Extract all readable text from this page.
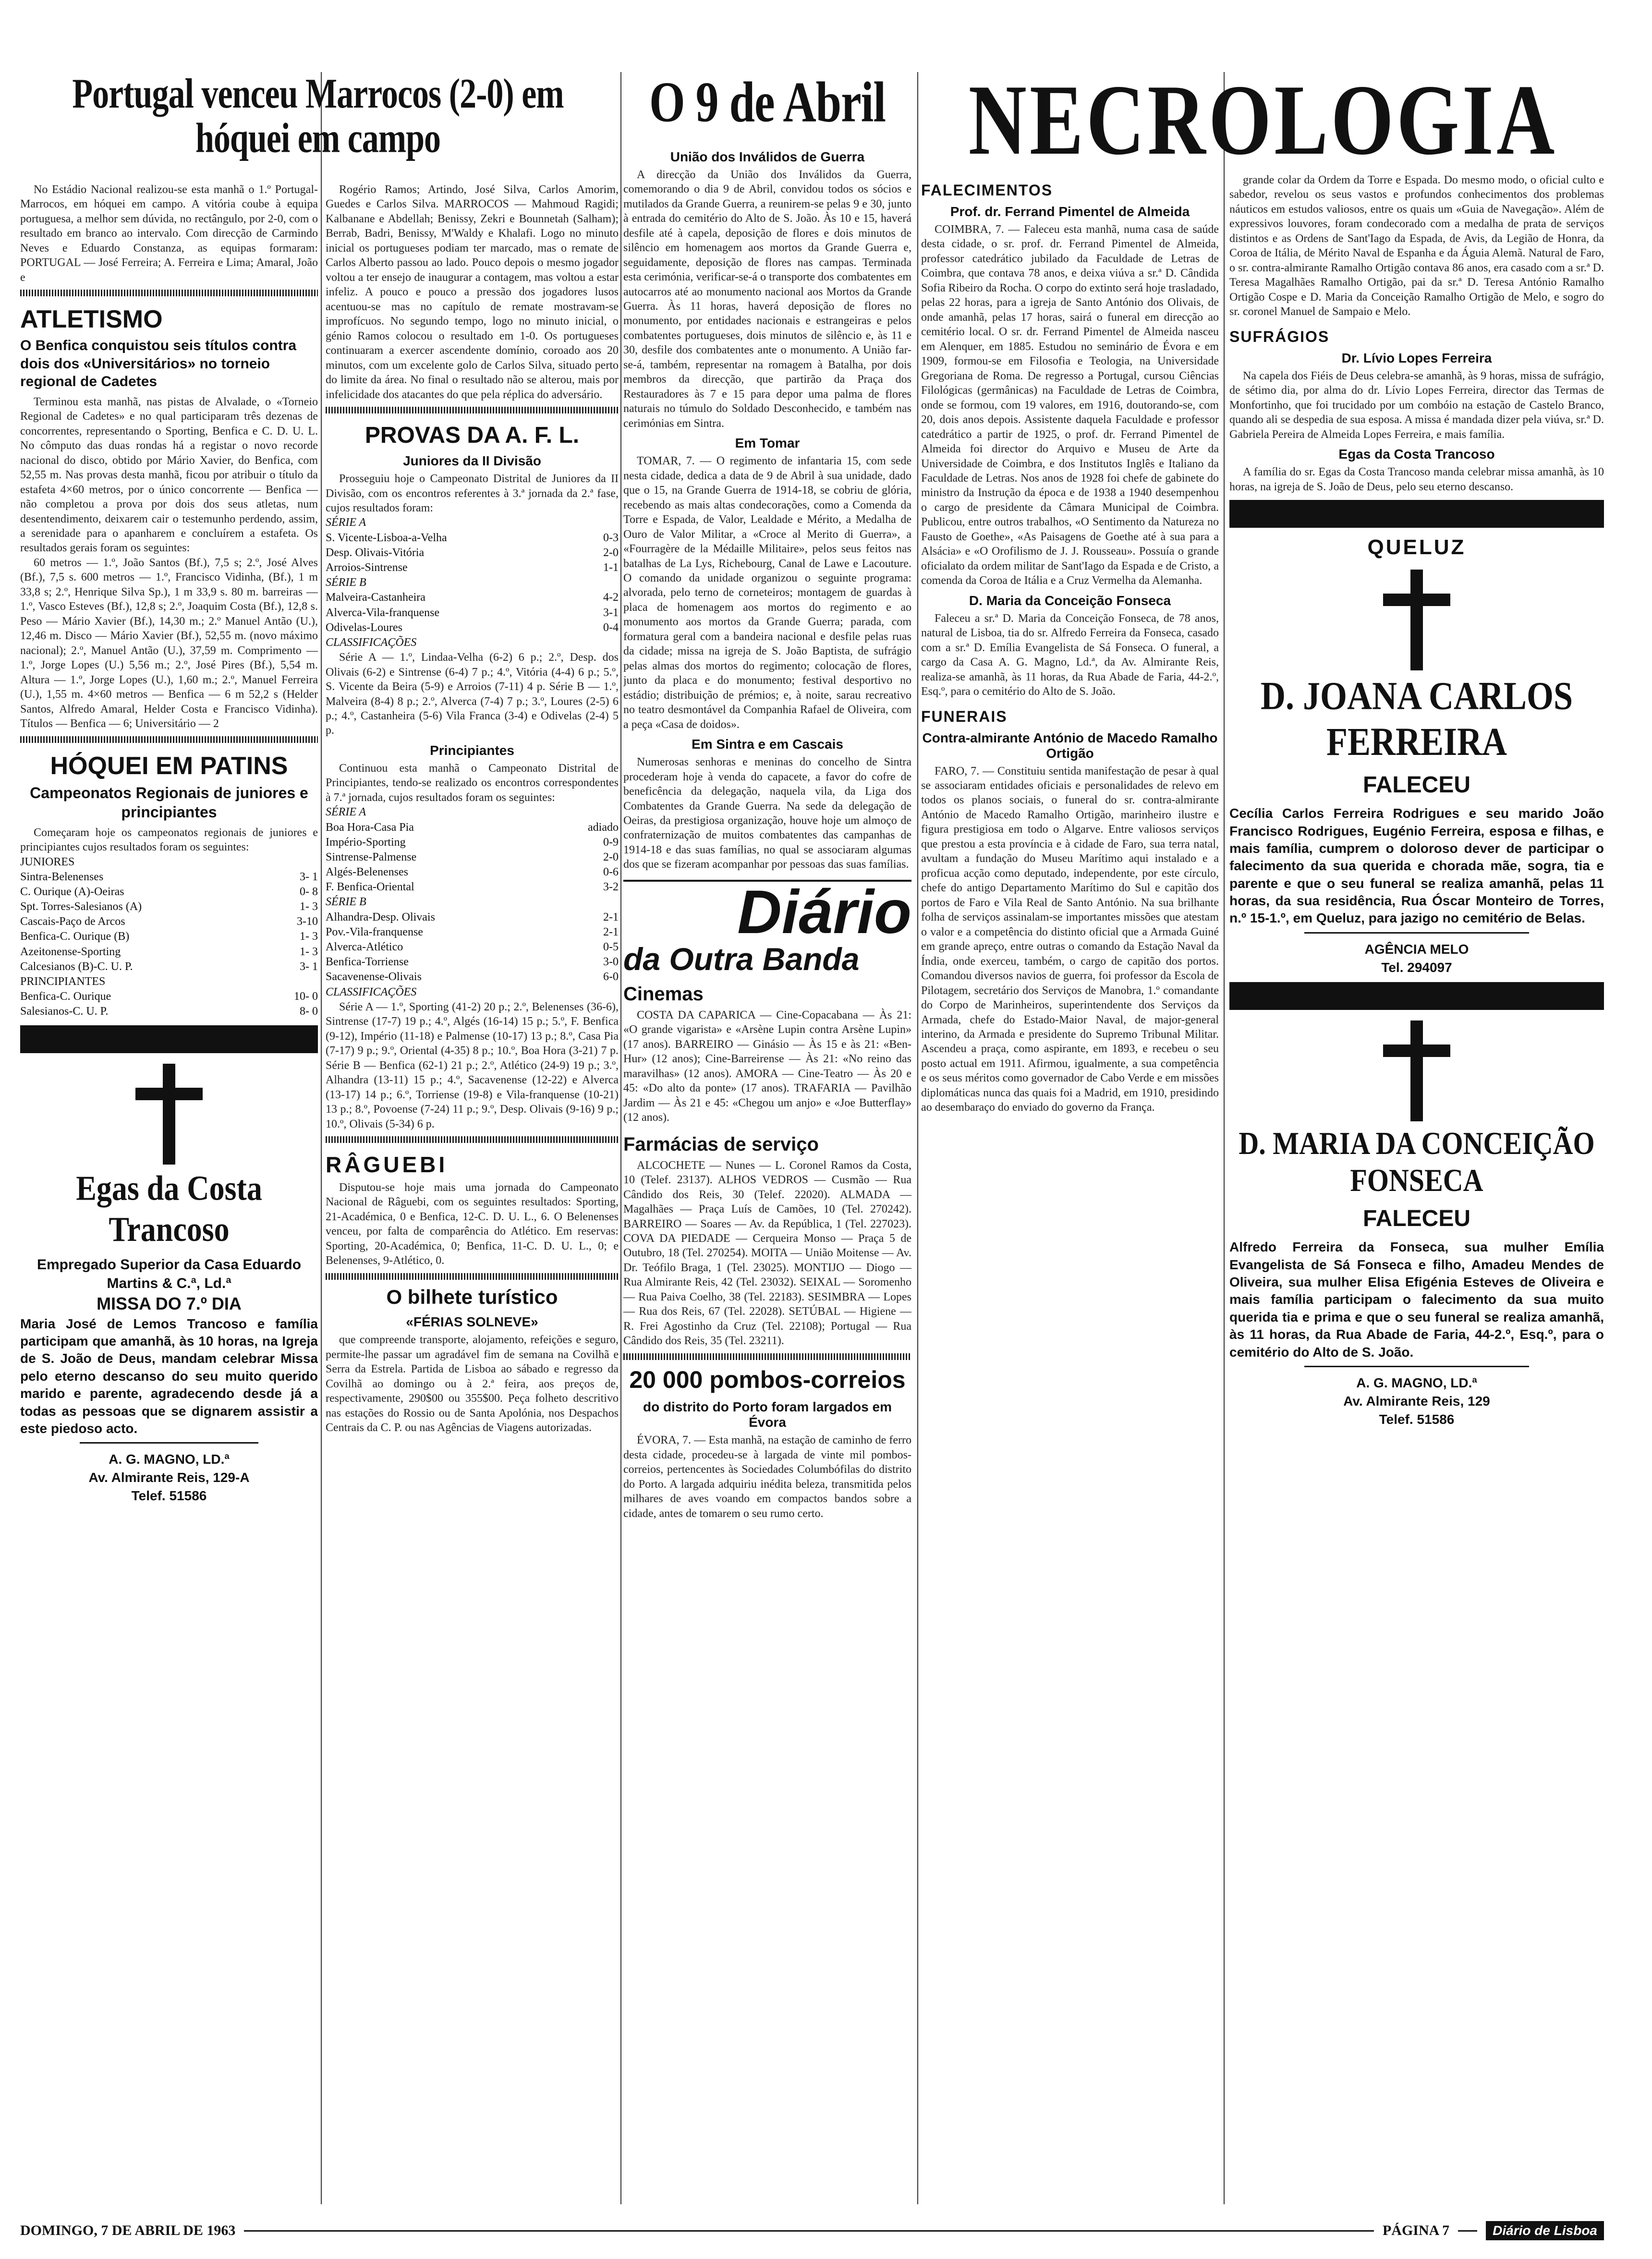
Portugal venceu Marrocos (2-0) em hóquei em campo

No Estádio Nacional realizou-se esta manhã o 1.º Portugal-Marrocos, em hóquei em campo. A vitória coube à equipa portuguesa, a melhor sem dúvida, no rectângulo, por 2-0, com o resultado em branco ao intervalo. Com direcção de Carmindo Neves e Eduardo Constanza, as equipas formaram: PORTUGAL — José Ferreira; A. Ferreira e Lima; Amaral, João e

ATLETISMO
O Benfica conquistou seis títulos contra dois dos «Universitários» no torneio regional de Cadetes

Terminou esta manhã, nas pistas de Alvalade, o «Torneio Regional de Cadetes» e no qual participaram três dezenas de concorrentes, representando o Sporting, Benfica e C. D. U. L. No cômputo das duas rondas há a registar o novo recorde nacional do disco, obtido por Mário Xavier, do Benfica, com 52,55 m. Nas provas desta manhã, ficou por atribuir o título da estafeta 4×60 metros, por o único concorrente — Benfica — não completou a prova por dois dos seus atletas, num desentendimento, deixarem cair o testemunho perdendo, assim, a serenidade para o apanharem e concluírem a estafeta. Os resultados gerais foram os seguintes:

60 metros — 1.º, João Santos (Bf.), 7,5 s; 2.º, José Alves (Bf.), 7,5 s. 600 metros — 1.º, Francisco Vidinha, (Bf.), 1 m 33,8 s; 2.º, Henrique Silva Sp.), 1 m 33,9 s. 80 m. barreiras — 1.º, Vasco Esteves (Bf.), 12,8 s; 2.º, Joaquim Costa (Bf.), 12,8 s. Peso — Mário Xavier (Bf.), 14,30 m.; 2.º Manuel Antão (U.), 12,46 m. Disco — Mário Xavier (Bf.), 52,55 m. (novo máximo nacional); 2.º, Manuel Antão (U.), 37,59 m. Comprimento — 1.º, Jorge Lopes (U.) 5,56 m.; 2.º, José Pires (Bf.), 5,54 m. Altura — 1.º, Jorge Lopes (U.), 1,60 m.; 2.º, Manuel Ferreira (U.), 1,55 m. 4×60 metros — Benfica — 6 m 52,2 s (Helder Santos, Alfredo Amaral, Helder Costa e Francisco Vidinha). Títulos — Benfica — 6; Universitário — 2

HÓQUEI EM PATINS
Campeonatos Regionais de juniores e principiantes

Começaram hoje os campeonatos regionais de juniores e principiantes cujos resultados foram os seguintes:

JUNIORES
Sintra-Belenenses	3- 1
C. Ourique (A)-Oeiras	0- 8
Spt. Torres-Salesianos (A)	1- 3
Cascais-Paço de Arcos	3-10
Benfica-C. Ourique (B)	1- 3
Azeitonense-Sporting	1- 3
Calcesianos (B)-C. U. P.	3- 1
PRINCIPIANTES
Benfica-C. Ourique	10- 0
Salesianos-C. U. P.	8- 0
Egas da Costa Trancoso
Empregado Superior da Casa Eduardo Martins & C.ª, Ld.ª
MISSA DO 7.º DIA
Maria José de Lemos Trancoso e família participam que amanhã, às 10 horas, na Igreja de S. João de Deus, mandam celebrar Missa pelo eterno descanso do seu muito querido marido e parente, agradecendo desde já a todas as pessoas que se dignarem assistir a este piedoso acto.
A. G. MAGNO, LD.ª
Av. Almirante Reis, 129-A
Telef. 51586

Rogério Ramos; Artindo, José Silva, Carlos Amorim, Guedes e Carlos Silva. MARROCOS — Mahmoud Ragidi; Kalbanane e Abdellah; Benissy, Zekri e Bounnetah (Salham); Berrab, Badri, Benissy, M'Waldy e Khalafi. Logo no minuto inicial os portugueses podiam ter marcado, mas o remate de Carlos Alberto passou ao lado. Pouco depois o mesmo jogador voltou a ter ensejo de inaugurar a contagem, mas voltou a estar infeliz. A pouco e pouco a pressão dos jogadores lusos acentuou-se mas no capítulo de remate mostravam-se improfícuos. No segundo tempo, logo no minuto inicial, o génio Ramos colocou o resultado em 1-0. Os portugueses continuaram a exercer ascendente domínio, coroado aos 20 minutos, com um excelente golo de Carlos Silva, situado perto do limite da área. No final o resultado não se alterou, mais por infelicidade dos atacantes do que pela réplica do adversário.

PROVAS DA A. F. L.
Juniores da II Divisão

Prosseguiu hoje o Campeonato Distrital de Juniores da II Divisão, com os encontros referentes à 3.ª jornada da 2.ª fase, cujos resultados foram:

SÉRIE A
S. Vicente-Lisboa-a-Velha	0-3
Desp. Olivais-Vitória	2-0
Arroios-Sintrense	1-1
SÉRIE B
Malveira-Castanheira	4-2
Alverca-Vila-franquense	3-1
Odivelas-Loures	0-4
CLASSIFICAÇÕES

Série A — 1.º, Lindaa-Velha (6-2) 6 p.; 2.º, Desp. dos Olivais (6-2) e Sintrense (6-4) 7 p.; 4.º, Vitória (4-4) 6 p.; 5.º, S. Vicente da Beira (5-9) e Arroios (7-11) 4 p. Série B — 1.º, Malveira (8-4) 8 p.; 2.º, Alverca (7-4) 7 p.; 3.º, Loures (2-5) 6 p.; 4.º, Castanheira (5-6) Vila Franca (3-4) e Odivelas (2-4) 5 p.

Principiantes

Continuou esta manhã o Campeonato Distrital de Principiantes, tendo-se realizado os encontros correspondentes à 7.ª jornada, cujos resultados foram os seguintes:

SÉRIE A
Boa Hora-Casa Pia	adiado
Império-Sporting	0-9
Sintrense-Palmense	2-0
Algés-Belenenses	0-6
F. Benfica-Oriental	3-2
SÉRIE B
Alhandra-Desp. Olivais	2-1
Pov.-Vila-franquense	2-1
Alverca-Atlético	0-5
Benfica-Torriense	3-0
Sacavenense-Olivais	6-0
CLASSIFICAÇÕES

Série A — 1.º, Sporting (41-2) 20 p.; 2.º, Belenenses (36-6), Sintrense (17-7) 19 p.; 4.º, Algés (16-14) 15 p.; 5.º, F. Benfica (9-12), Império (11-18) e Palmense (10-17) 13 p.; 8.º, Casa Pia (7-17) 9 p.; 9.º, Oriental (4-35) 8 p.; 10.º, Boa Hora (3-21) 7 p. Série B — Benfica (62-1) 21 p.; 2.º, Atlético (24-9) 19 p.; 3.º, Alhandra (13-11) 15 p.; 4.º, Sacavenense (12-22) e Alverca (13-17) 14 p.; 6.º, Torriense (19-8) e Vila-franquense (10-21) 13 p.; 8.º, Povoense (7-24) 11 p.; 9.º, Desp. Olivais (9-16) 9 p.; 10.º, Olivais (5-34) 6 p.

RÂGUEBI

Disputou-se hoje mais uma jornada do Campeonato Nacional de Râguebi, com os seguintes resultados: Sporting, 21-Académica, 0 e Benfica, 12-C. D. U. L., 6. O Belenenses venceu, por falta de comparência do Atlético. Em reservas: Sporting, 20-Académica, 0; Benfica, 11-C. D. U. L., 0; e Belenenses, 9-Atlético, 0.

O bilhete turístico
«FÉRIAS SOLNEVE»

que compreende transporte, alojamento, refeições e seguro, permite-lhe passar um agradável fim de semana na Covilhã e Serra da Estrela. Partida de Lisboa ao sábado e regresso da Covilhã ao domingo ou à 2.ª feira, aos preços de, respectivamente, 290$00 ou 355$00. Peça folheto descritivo nas estações do Rossio ou de Santa Apolónia, nos Despachos Centrais da C. P. ou nas Agências de Viagens autorizadas.

O 9 de Abril
União dos Inválidos de Guerra

A direcção da União dos Inválidos da Guerra, comemorando o dia 9 de Abril, convidou todos os sócios e mutilados da Grande Guerra, a reunirem-se pelas 9 e 30, junto à entrada do cemitério do Alto de S. João. Às 10 e 15, haverá desfile até à capela, deposição de flores e dois minutos de silêncio em homenagem aos mortos da Grande Guerra e, seguidamente, deposição de flores nas campas. Terminada esta cerimónia, verificar-se-á o transporte dos combatentes em autocarros até ao monumento nacional aos Mortos da Grande Guerra. Às 11 horas, haverá deposição de flores no monumento, por entidades nacionais e estrangeiras e pelos combatentes portugueses, dois minutos de silêncio e, às 11 e 30, desfile dos combatentes ante o monumento. A União far-se-á, também, representar na romagem à Batalha, por dois membros da direcção, que partirão da Praça dos Restauradores às 7 e 15 para depor uma palma de flores naturais no túmulo do Soldado Desconhecido, e também nas cerimónias em Sintra.

Em Tomar

TOMAR, 7. — O regimento de infantaria 15, com sede nesta cidade, dedica a data de 9 de Abril à sua unidade, dado que o 15, na Grande Guerra de 1914-18, se cobriu de glória, recebendo as mais altas condecorações, como a Comenda da Torre e Espada, de Valor, Lealdade e Mérito, a Medalha de Ouro de Valor Militar, a «Croce al Merito di Guerra», a «Fourragère de la Médaille Militaire», pelos seus feitos nas batalhas de La Lys, Richebourg, Canal de Lawe e Lacouture. O comando da unidade organizou o seguinte programa: alvorada, pelo terno de corneteiros; montagem de guardas à placa de homenagem aos mortos do regimento e ao monumento aos mortos da Grande Guerra; parada, com formatura geral com a bandeira nacional e desfile pelas ruas da cidade; missa na igreja de S. João Baptista, de sufrágio pelas almas dos mortos do regimento; colocação de flores, junto da placa e do monumento; festival desportivo no estádio; distribuição de prémios; e, à noite, sarau recreativo no teatro desmontável da Companhia Rafael de Oliveira, com a peça «Casa de doidos».

Em Sintra e em Cascais

Numerosas senhoras e meninas do concelho de Sintra procederam hoje à venda do capacete, a favor do cofre de beneficência da delegação, naquela vila, da Liga dos Combatentes da Grande Guerra. Na sede da delegação de Oeiras, da prestigiosa organização, houve hoje um almoço de confraternização de muitos combatentes das campanhas de 1914-18 e das suas famílias, no qual se associaram algumas dos que se fizeram acompanhar por pessoas das suas famílias.

Diário
da Outra Banda
Cinemas

COSTA DA CAPARICA — Cine-Copacabana — Às 21: «O grande vigarista» e «Arsène Lupin contra Arsène Lupin» (17 anos). BARREIRO — Ginásio — Às 15 e às 21: «Ben-Hur» (12 anos); Cine-Barreirense — Às 21: «No reino das maravilhas» (12 anos). AMORA — Cine-Teatro — Às 20 e 45: «Do alto da ponte» (17 anos). TRAFARIA — Pavilhão Jardim — Às 21 e 45: «Chegou um anjo» e «Joe Butterflay» (12 anos).

Farmácias de serviço

ALCOCHETE — Nunes — L. Coronel Ramos da Costa, 10 (Telef. 23137). ALHOS VEDROS — Cusmão — Rua Cândido dos Reis, 30 (Telef. 22020). ALMADA — Magalhães — Praça Luís de Camões, 10 (Tel. 270242). BARREIRO — Soares — Av. da República, 1 (Tel. 227023). COVA DA PIEDADE — Cerqueira Monso — Praça 5 de Outubro, 18 (Tel. 270254). MOITA — União Moitense — Av. Dr. Teófilo Braga, 1 (Tel. 23025). MONTIJO — Diogo — Rua Almirante Reis, 42 (Tel. 23032). SEIXAL — Soromenho — Rua Paiva Coelho, 38 (Tel. 22183). SESIMBRA — Lopes — Rua dos Reis, 67 (Tel. 22028). SETÚBAL — Higiene — R. Frei Agostinho da Cruz (Tel. 22108); Portugal — Rua Cândido dos Reis, 35 (Tel. 23211).

20 000 pombos-correios
do distrito do Porto foram largados em Évora

ÉVORA, 7. — Esta manhã, na estação de caminho de ferro desta cidade, procedeu-se à largada de vinte mil pombos-correios, pertencentes às Sociedades Columbófilas do distrito do Porto. A largada adquiriu inédita beleza, transmitida pelos milhares de aves voando em compactos bandos sobre a cidade, antes de tomarem o seu rumo certo.

NECROLOGIA
FALECIMENTOS
Prof. dr. Ferrand Pimentel de Almeida

COIMBRA, 7. — Faleceu esta manhã, numa casa de saúde desta cidade, o sr. prof. dr. Ferrand Pimentel de Almeida, professor catedrático jubilado da Faculdade de Letras de Coimbra, que contava 78 anos, e deixa viúva a sr.ª D. Cândida Sofia Ribeiro da Rocha. O corpo do extinto será hoje trasladado, pelas 22 horas, para a igreja de Santo António dos Olivais, de onde amanhã, pelas 17 horas, sairá o funeral em direcção ao cemitério local. O sr. dr. Ferrand Pimentel de Almeida nasceu em Alenquer, em 1885. Estudou no seminário de Évora e em 1909, formou-se em Filosofia e Teologia, na Universidade Gregoriana de Roma. De regresso a Portugal, cursou Ciências Filológicas (germânicas) na Faculdade de Letras de Coimbra, onde se formou, com 19 valores, em 1916, doutorando-se, com 20, dois anos depois. Assistente daquela Faculdade e professor catedrático a partir de 1925, o prof. dr. Ferrand Pimentel de Almeida foi director do Arquivo e Museu de Arte da Universidade de Coimbra, e dos Institutos Inglês e Italiano da Faculdade de Letras. Nos anos de 1928 foi chefe de gabinete do ministro da Instrução da época e de 1938 a 1940 desempenhou o cargo de presidente da Câmara Municipal de Coimbra. Publicou, entre outros trabalhos, «O Sentimento da Natureza no Fausto de Goethe», «As Paisagens de Goethe até à sua para a Alsácia» e «O Orofilismo de J. J. Rousseau». Possuía o grande oficialato da ordem militar de Sant'Iago da Espada e de Cristo, a comenda da Coroa de Itália e a Cruz Vermelha da Alemanha.

D. Maria da Conceição Fonseca

Faleceu a sr.ª D. Maria da Conceição Fonseca, de 78 anos, natural de Lisboa, tia do sr. Alfredo Ferreira da Fonseca, casado com a sr.ª D. Emília Evangelista de Sá Fonseca. O funeral, a cargo da Casa A. G. Magno, Ld.ª, da Av. Almirante Reis, realiza-se amanhã, às 11 horas, da Rua Abade de Faria, 44-2.º, Esq.º, para o cemitério do Alto de S. João.

FUNERAIS
Contra-almirante António de Macedo Ramalho Ortigão

FARO, 7. — Constituiu sentida manifestação de pesar à qual se associaram entidades oficiais e personalidades de relevo em todos os planos sociais, o funeral do sr. contra-almirante António de Macedo Ramalho Ortigão, marinheiro ilustre e figura prestigiosa em todo o Algarve. Entre valiosos serviços que prestou a esta província e à cidade de Faro, sua terra natal, avultam a fundação do Museu Marítimo aqui instalado e a proficua acção como deputado, independente, por este círculo, chefe do antigo Departamento Marítimo do Sul e capitão dos portos de Faro e Vila Real de Santo António. Na sua brilhante folha de serviços assinalam-se importantes missões que atestam o valor e a competência do distinto oficial que a Armada Guiné em grande apreço, entre outras o comando da Estação Naval da Índia, onde exerceu, também, o cargo de capitão dos portos. Comandou diversos navios de guerra, foi professor da Escola de Pilotagem, secretário dos Serviços de Manobra, 1.º comandante do Corpo de Marinheiros, superintendente dos Serviços da Armada, chefe do Estado-Maior Naval, de major-general interino, da Armada e presidente do Supremo Tribunal Militar. Ascendeu a praça, como aspirante, em 1893, e recebeu o seu posto actual em 1911. Afirmou, igualmente, a sua competência e os seus méritos como governador de Cabo Verde e em missões diplomáticas nunca das quais foi a Madrid, em 1910, presidindo ao desembaraço do enviado do governo da França.

grande colar da Ordem da Torre e Espada. Do mesmo modo, o oficial culto e sabedor, revelou os seus vastos e profundos conhecimentos dos problemas náuticos em estudos valiosos, entre os quais um «Guia de Navegação». Além de expressivos louvores, foram condecorado com a medalha de prata de serviços distintos e as Ordens de Sant'Iago da Espada, de Avis, da Legião de Honra, da Coroa de Itália, de Mérito Naval de Espanha e da Águia Alemã. Natural de Faro, o sr. contra-almirante Ramalho Ortigão contava 86 anos, era casado com a sr.ª D. Teresa Magalhães Ramalho Ortigão, pai da sr.ª D. Teresa António Ramalho Ortigão Cospe e D. Maria da Conceição Ramalho Ortigão de Melo, e sogro do sr. coronel Manuel de Sampaio e Melo.

SUFRÁGIOS
Dr. Lívio Lopes Ferreira

Na capela dos Fiéis de Deus celebra-se amanhã, às 9 horas, missa de sufrágio, de sétimo dia, por alma do dr. Lívio Lopes Ferreira, director das Termas de Monfortinho, que foi trucidado por um combóio na estação de Castelo Branco, quando ali se despedia de sua esposa. A missa é mandada dizer pela viúva, sr.ª D. Gabriela Pereira de Almeida Lopes Ferreira, e mais família.

Egas da Costa Trancoso

A família do sr. Egas da Costa Trancoso manda celebrar missa amanhã, às 10 horas, na igreja de S. João de Deus, pelo seu eterno descanso.

QUELUZ
D. JOANA CARLOS FERREIRA
FALECEU
Cecília Carlos Ferreira Rodrigues e seu marido João Francisco Rodrigues, Eugénio Ferreira, esposa e filhas, e mais família, cumprem o doloroso dever de participar o falecimento da sua querida e chorada mãe, sogra, tia e parente e que o seu funeral se realiza amanhã, pelas 11 horas, da sua residência, Rua Óscar Monteiro de Torres, n.º 15-1.º, em Queluz, para jazigo no cemitério de Belas.
AGÊNCIA MELO
Tel. 294097
D. MARIA DA CONCEIÇÃO FONSECA
FALECEU
Alfredo Ferreira da Fonseca, sua mulher Emília Evangelista de Sá Fonseca e filho, Amadeu Mendes de Oliveira, sua mulher Elisa Efigénia Esteves de Oliveira e mais família participam o falecimento da sua muito querida tia e prima e que o seu funeral se realiza amanhã, às 11 horas, da Rua Abade de Faria, 44-2.º, Esq.º, para o cemitério do Alto de S. João.
A. G. MAGNO, LD.ª
Av. Almirante Reis, 129
Telef. 51586
DOMINGO, 7 DE ABRIL DE 1963	PÁGINA 7	Diário de Lisboa
